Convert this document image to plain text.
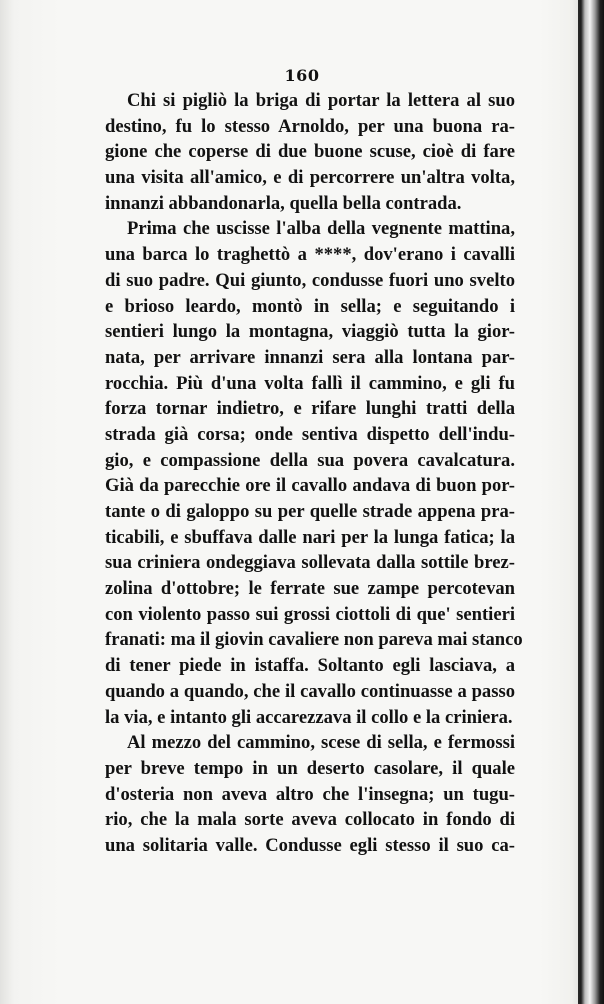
160
Chi si pigliò la briga di portar la lettera al suo
destino, fu lo stesso Arnoldo, per una buona ra-
gione che coperse di due buone scuse, cioè di fare
una visita all'amico, e di percorrere un'altra volta,
innanzi abbandonarla, quella bella contrada.
Prima che uscisse l'alba della vegnente mattina,
una barca lo traghettò a ****, dov'erano i cavalli
di suo padre. Qui giunto, condusse fuori uno svelto
e brioso leardo, montò in sella; e seguitando i
sentieri lungo la montagna, viaggiò tutta la gior-
nata, per arrivare innanzi sera alla lontana par-
rocchia. Più d'una volta fallì il cammino, e gli fu
forza tornar indietro, e rifare lunghi tratti della
strada già corsa; onde sentiva dispetto dell'indu-
gio, e compassione della sua povera cavalcatura.
Già da parecchie ore il cavallo andava di buon por-
tante o di galoppo su per quelle strade appena pra-
ticabili, e sbuffava dalle nari per la lunga fatica; la
sua criniera ondeggiava sollevata dalla sottile brez-
zolina d'ottobre; le ferrate sue zampe percotevan
con violento passo sui grossi ciottoli di que' sentieri
franati: ma il giovin cavaliere non pareva mai stanco
di tener piede in istaffa. Soltanto egli lasciava, a
quando a quando, che il cavallo continuasse a passo
la via, e intanto gli accarezzava il collo e la criniera.
Al mezzo del cammino, scese di sella, e fermossi
per breve tempo in un deserto casolare, il quale
d'osteria non aveva altro che l'insegna; un tugu-
rio, che la mala sorte aveva collocato in fondo di
una solitaria valle. Condusse egli stesso il suo ca-
